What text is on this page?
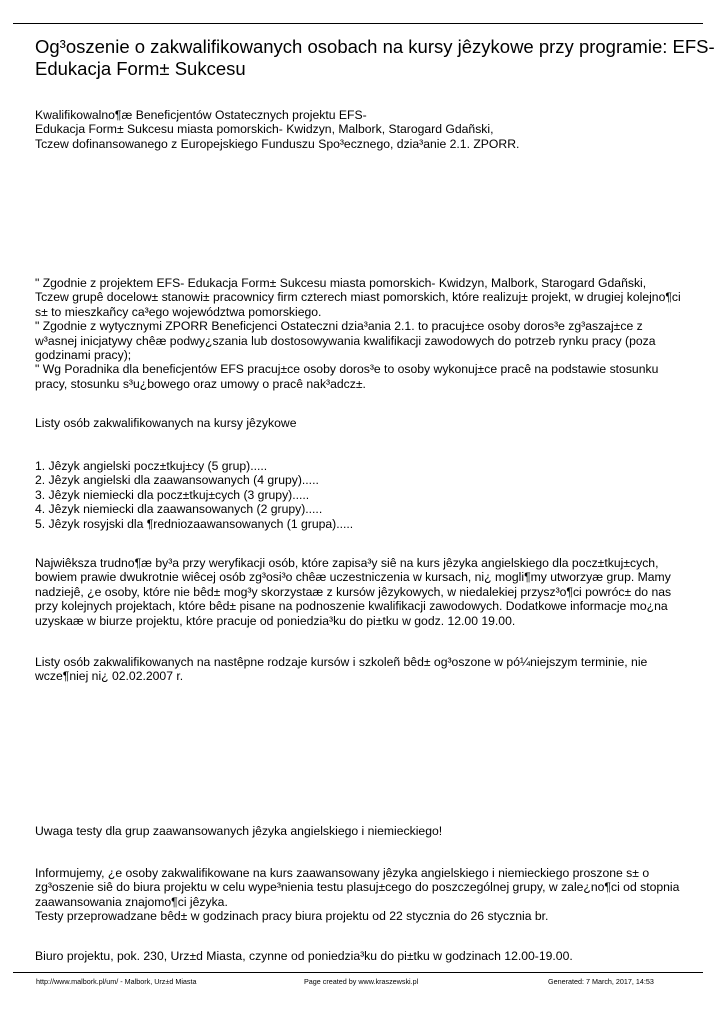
Og³oszenie o zakwalifikowanych osobach na kursy jêzykowe przy programie: EFS-
Edukacja Form± Sukcesu
Kwalifikowalno¶æ Beneficjentów Ostatecznych projektu EFS-
Edukacja Form± Sukcesu miasta pomorskich- Kwidzyn, Malbork, Starogard Gdañski,
Tczew dofinansowanego z Europejskiego Funduszu Spo³ecznego, dzia³anie 2.1. ZPORR.
" Zgodnie z projektem EFS- Edukacja Form± Sukcesu miasta pomorskich- Kwidzyn, Malbork, Starogard Gdañski,
Tczew grupê docelow± stanowi± pracownicy firm czterech miast pomorskich, które realizuj± projekt, w drugiej kolejno¶ci
s± to mieszkañcy ca³ego województwa pomorskiego.
" Zgodnie z wytycznymi ZPORR Beneficjenci Ostateczni dzia³ania 2.1. to pracuj±ce osoby doros³e zg³aszaj±ce z
w³asnej inicjatywy chêæ podwy¿szania lub dostosowywania kwalifikacji zawodowych do potrzeb rynku pracy (poza
godzinami pracy);
" Wg Poradnika dla beneficjentów EFS pracuj±ce osoby doros³e to osoby wykonuj±ce pracê na podstawie stosunku
pracy, stosunku s³u¿bowego oraz umowy o pracê nak³adcz±.
Listy osób zakwalifikowanych na kursy jêzykowe
1. Jêzyk angielski pocz±tkuj±cy (5 grup).....
2. Jêzyk angielski dla zaawansowanych (4 grupy).....
3. Jêzyk niemiecki dla pocz±tkuj±cych (3 grupy).....
4. Jêzyk niemiecki dla zaawansowanych (2 grupy).....
5. Jêzyk rosyjski dla ¶redniozaawansowanych (1 grupa).....
Najwiêksza trudno¶æ by³a przy weryfikacji osób, które zapisa³y siê na kurs jêzyka angielskiego dla pocz±tkuj±cych,
bowiem prawie dwukrotnie wiêcej osób zg³osi³o chêæ uczestniczenia w kursach, ni¿ mogli¶my utworzyæ grup. Mamy
nadziejê, ¿e osoby, które nie bêd± mog³y skorzystaæ z kursów jêzykowych, w niedalekiej przysz³o¶ci powróc± do nas
przy kolejnych projektach, które bêd± pisane na podnoszenie kwalifikacji zawodowych. Dodatkowe informacje mo¿na
uzyskaæ w biurze projektu, które pracuje od poniedzia³ku do pi±tku w godz. 12.00 19.00.
Listy osób zakwalifikowanych na nastêpne rodzaje kursów i szkoleñ bêd± og³oszone w pó¼niejszym terminie, nie
wcze¶niej ni¿ 02.02.2007 r.
Uwaga testy dla grup zaawansowanych jêzyka angielskiego i niemieckiego!
Informujemy, ¿e osoby zakwalifikowane na kurs zaawansowany jêzyka angielskiego i niemieckiego proszone s± o
zg³oszenie siê do biura projektu w celu wype³nienia testu plasuj±cego do poszczególnej grupy, w zale¿no¶ci od stopnia
zaawansowania znajomo¶ci jêzyka.
Testy przeprowadzane bêd± w godzinach pracy biura projektu od 22 stycznia do 26 stycznia br.
Biuro projektu, pok. 230, Urz±d Miasta, czynne od poniedzia³ku do pi±tku w godzinach 12.00-19.00.
http://www.malbork.pl/um/ - Malbork, Urz±d Miasta	Page created by www.kraszewski.pl	Generated: 7 March, 2017, 14:53
